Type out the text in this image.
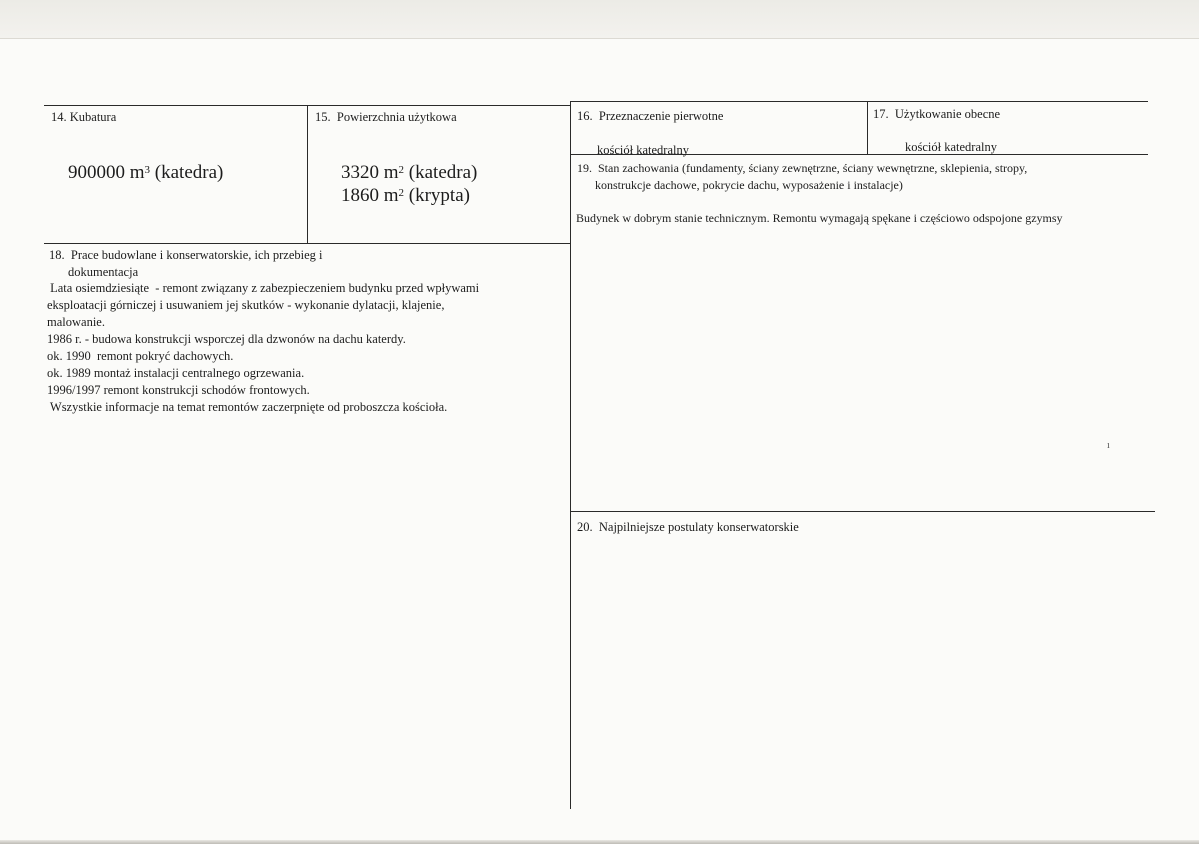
14. Kubatura
900000 $m^3$ (katedra)
15.  Powierzchnia użytkowa
3320 $m^2$ (katedra)
1860 $m^2$ (krypta)
16.  Przeznaczenie pierwotne
kościół katedralny
17.  Użytkowanie obecne
kościół katedralny
19.  Stan zachowania (fundamenty, ściany zewnętrzne, ściany wewnętrzne, sklepienia, stropy,
konstrukcje dachowe, pokrycie dachu, wyposażenie i instalacje)
Budynek w dobrym stanie technicznym. Remontu wymagają spękane i częściowo odspojone gzymsy
18.  Prace budowlane i konserwatorskie, ich przebieg i
dokumentacja
Lata osiemdziesiąte  - remont związany z zabezpieczeniem budynku przed wpływami
eksploatacji górniczej i usuwaniem jej skutków - wykonanie dylatacji, klajenie,
malowanie.
1986 r. - budowa konstrukcji wsporczej dla dzwonów na dachu katerdy.
ok. 1990  remont pokryć dachowych.
ok. 1989 montaż instalacji centralnego ogrzewania.
1996/1997 remont konstrukcji schodów frontowych.
Wszystkie informacje na temat remontów zaczerpnięte od proboszcza kościoła.
20.  Najpilniejsze postulaty konserwatorskie
ı
